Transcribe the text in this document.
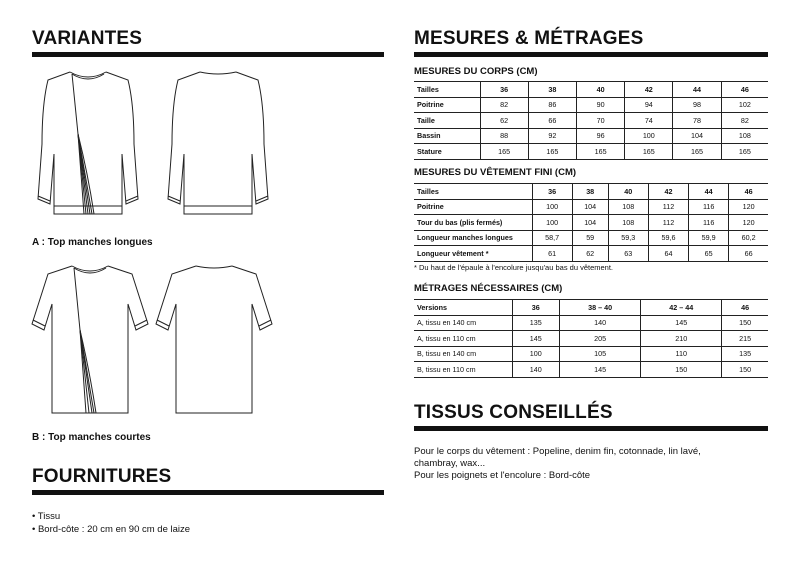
VARIANTES
A : Top manches longues
B : Top manches courtes
FOURNITURES
• Tissu
• Bord-côte : 20 cm en 90 cm de laize
MESURES & MÉTRAGES
MESURES DU CORPS (CM)
Tailles	36	38	40	42	44	46
Poitrine	82	86	90	94	98	102
Taille	62	66	70	74	78	82
Bassin	88	92	96	100	104	108
Stature	165	165	165	165	165	165
MESURES DU VÊTEMENT FINI (CM)
Tailles	36	38	40	42	44	46
Poitrine	100	104	108	112	116	120
Tour du bas (plis fermés)	100	104	108	112	116	120
Longueur manches longues	58,7	59	59,3	59,6	59,9	60,2
Longueur vêtement *	61	62	63	64	65	66
* Du haut de l'épaule à l'encolure jusqu'au bas du vêtement.
MÉTRAGES NÉCESSAIRES (CM)
Versions	36	38 – 40	42 – 44	46
A, tissu en 140 cm	135	140	145	150
A, tissu en 110 cm	145	205	210	215
B, tissu en 140 cm	100	105	110	135
B, tissu en 110 cm	140	145	150	150
TISSUS CONSEILLÉS
Pour le corps du vêtement : Popeline, denim fin, cotonnade, lin lavé,
chambray, wax...
Pour les poignets et l'encolure : Bord-côte
